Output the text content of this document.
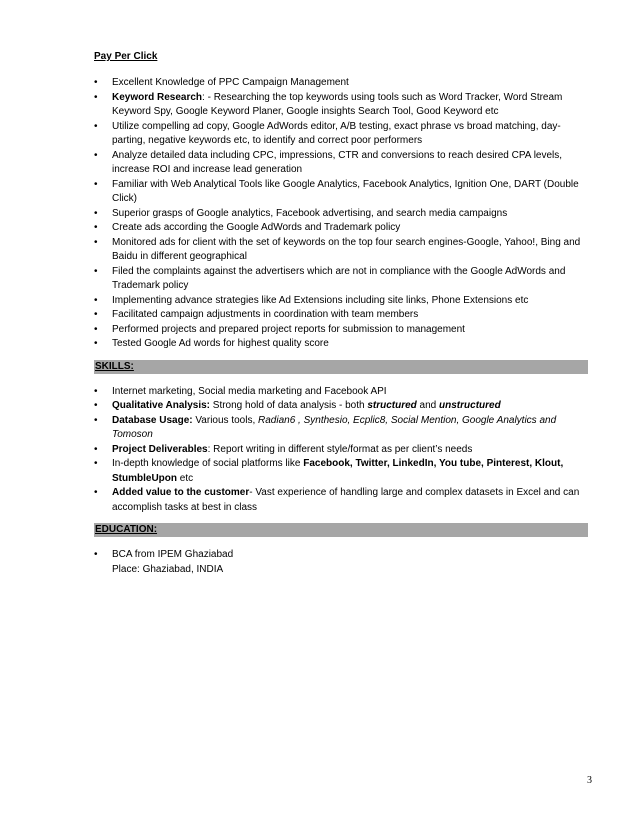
Pay Per Click
•	Excellent Knowledge of PPC Campaign Management
•	Keyword Research: - Researching the top keywords using tools such as Word Tracker, Word Stream Keyword Spy, Google Keyword Planer, Google insights Search Tool, Good Keyword etc
•	Utilize compelling ad copy, Google AdWords editor, A/B testing, exact phrase vs broad matching, day-parting, negative keywords etc, to identify and correct poor performers
•	Analyze detailed data including CPC, impressions, CTR and conversions to reach desired CPA levels, increase ROI and increase lead generation
•	Familiar with Web Analytical Tools like Google Analytics, Facebook Analytics, Ignition One, DART (Double Click)
•	Superior grasps of Google analytics, Facebook advertising, and search media campaigns
•	Create ads according the Google AdWords and Trademark policy
•	Monitored ads for client with the set of keywords on the top four search engines-Google, Yahoo!, Bing and Baidu in different geographical
•	Filed the complaints against the advertisers which are not in compliance with the Google AdWords and Trademark policy
•	Implementing advance strategies like Ad Extensions including site links, Phone Extensions etc
•	Facilitated campaign adjustments in coordination with team members
•	Performed projects and prepared project reports for submission to management
•	Tested Google Ad words for highest quality score
SKILLS:
•	Internet marketing, Social media marketing and Facebook API
•	Qualitative Analysis: Strong hold of data analysis - both structured and unstructured
•	Database Usage: Various tools, Radian6 , Synthesio, Ecplic8, Social Mention, Google Analytics and Tomoson
•	Project Deliverables: Report writing in different style/format as per client’s needs
•	In-depth knowledge of social platforms like Facebook, Twitter, LinkedIn, You tube, Pinterest, Klout, StumbleUpon etc
•	Added value to the customer- Vast experience of handling large and complex datasets in Excel and can accomplish tasks at best in class
EDUCATION:
•	BCA from IPEM Ghaziabad
Place: Ghaziabad, INDIA
3
